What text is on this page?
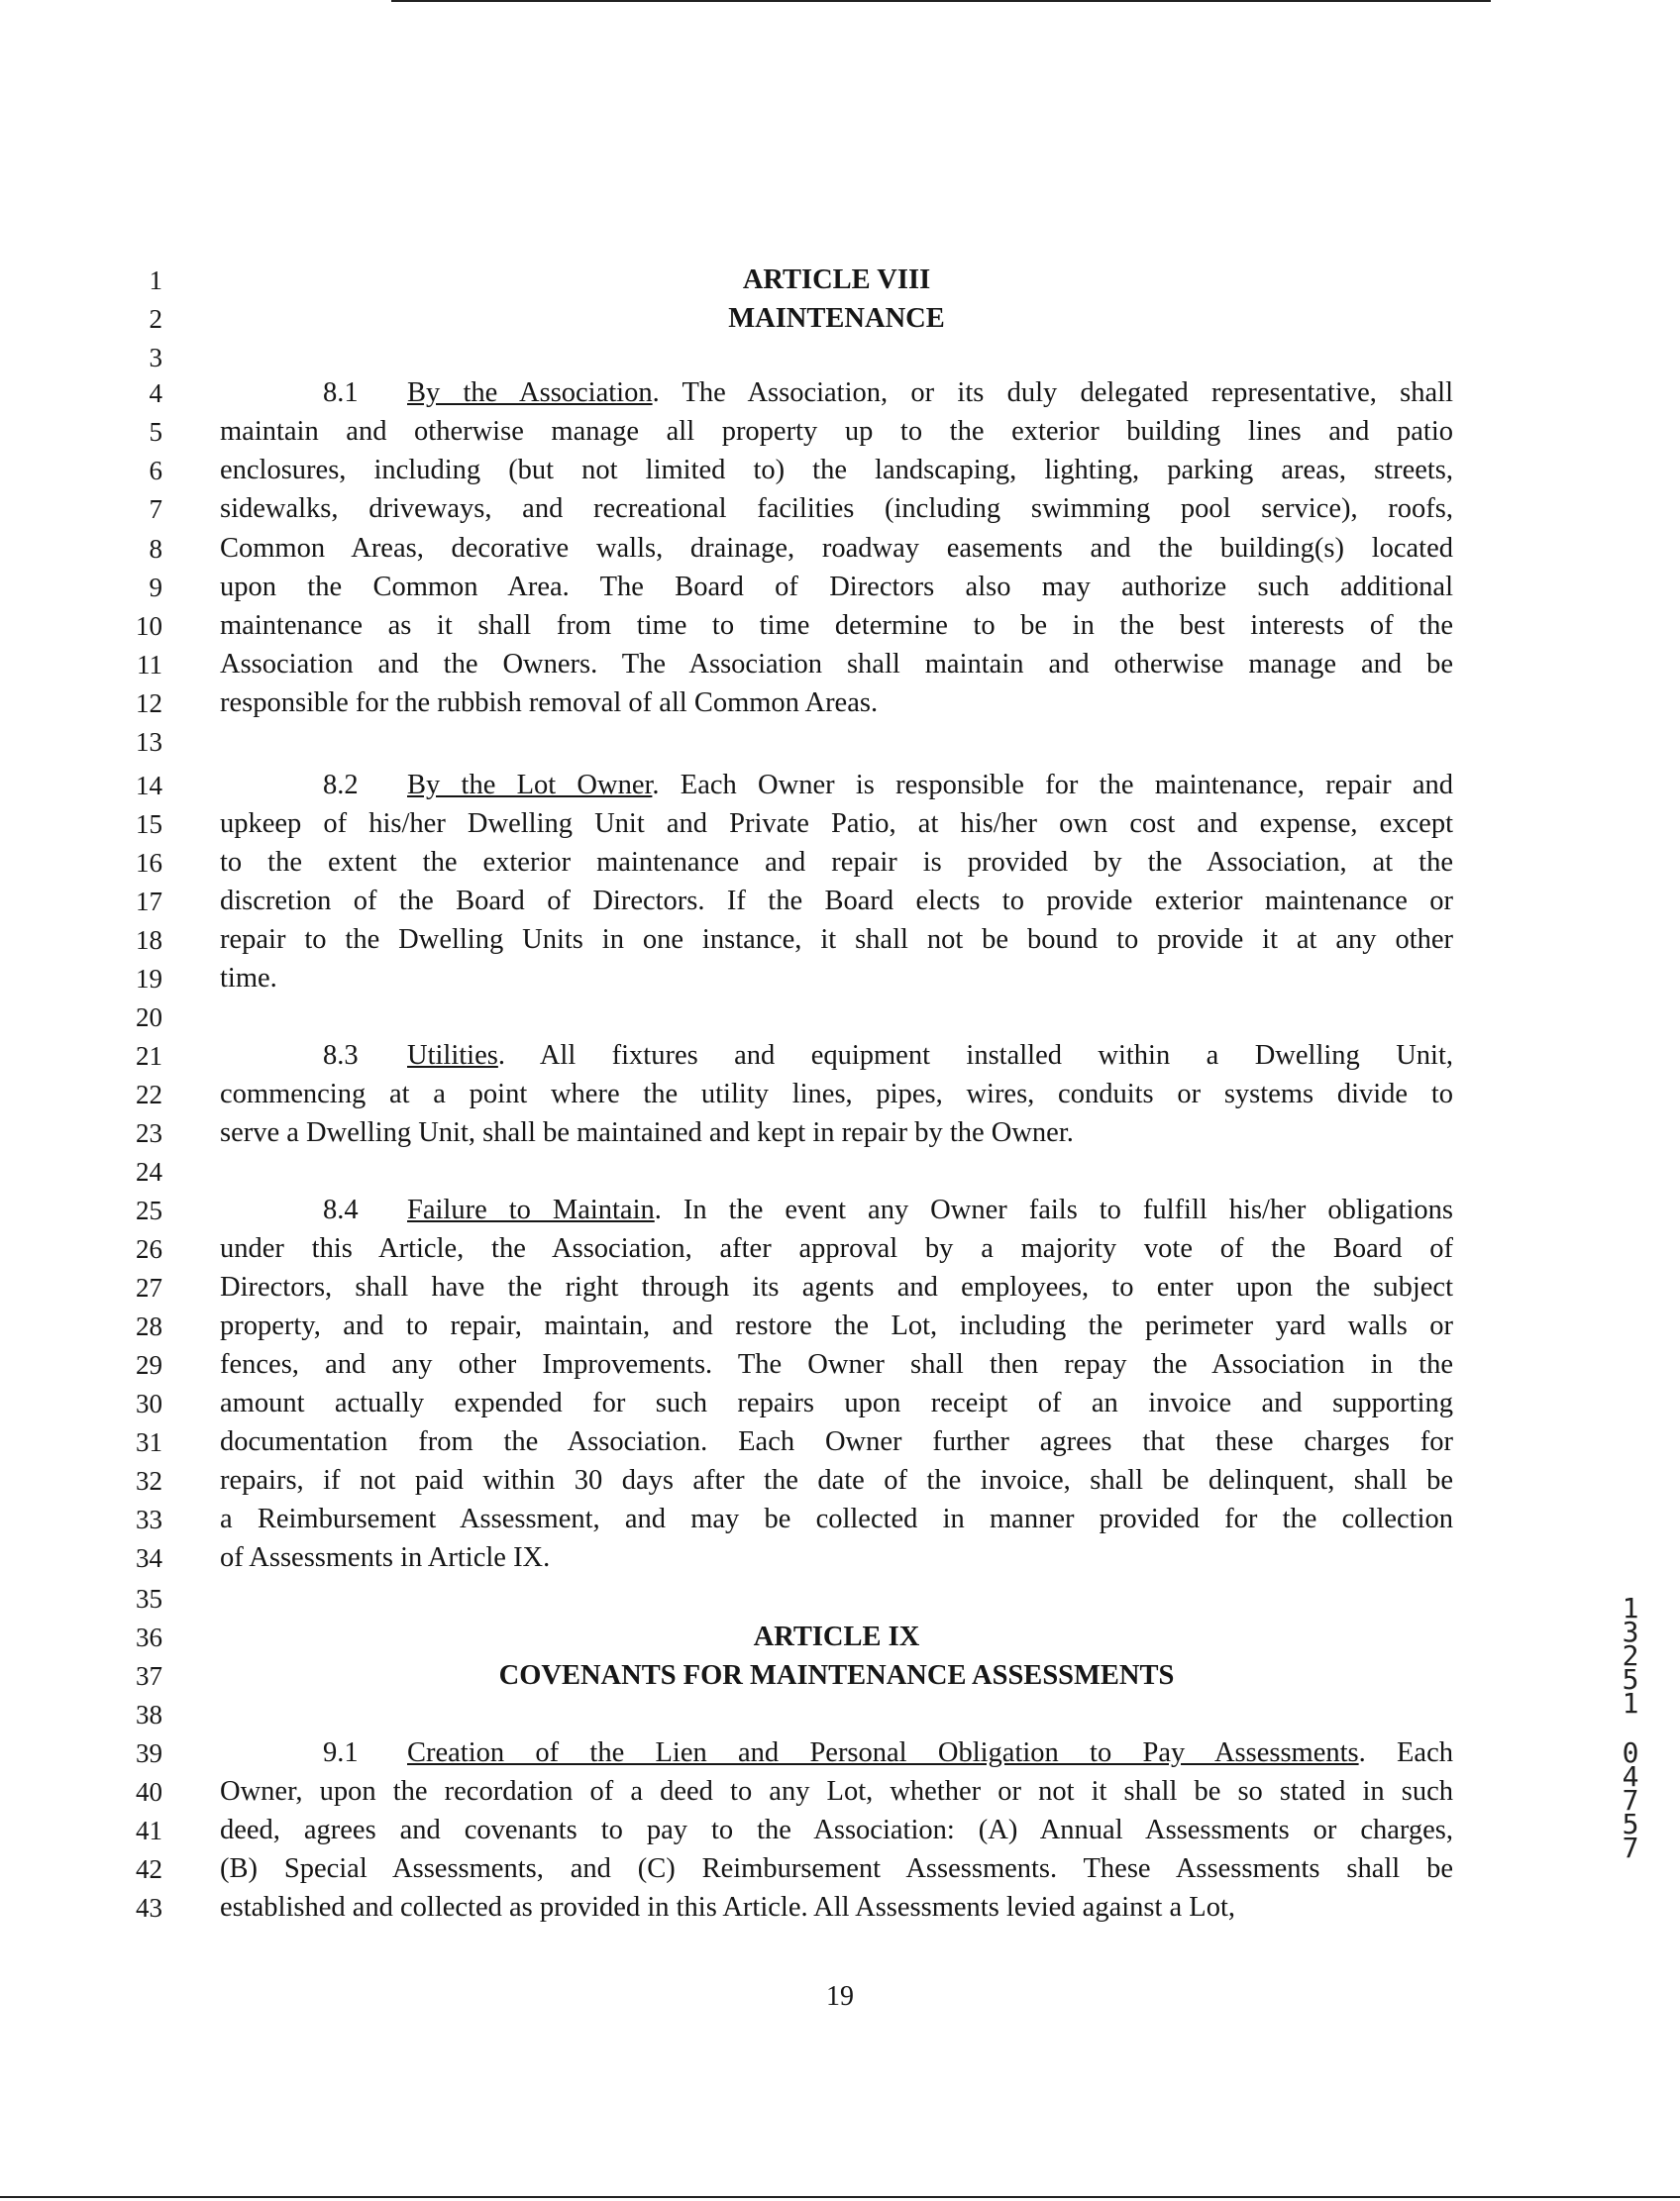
1
2
3
4
5
6
7
8
9
10
11
12
13
14
15
16
17
18
19
20
21
22
23
24
25
26
27
28
29
30
31
32
33
34
35
36
37
38
39
40
41
42
43
ARTICLE VIII
MAINTENANCE
8.1 By the Association. The Association, or its duly delegated representative, shall
maintain and otherwise manage all property up to the exterior building lines and patio
enclosures, including (but not limited to) the landscaping, lighting, parking areas, streets,
sidewalks, driveways, and recreational facilities (including swimming pool service), roofs,
Common Areas, decorative walls, drainage, roadway easements and the building(s) located
upon the Common Area. The Board of Directors also may authorize such additional
maintenance as it shall from time to time determine to be in the best interests of the
Association and the Owners. The Association shall maintain and otherwise manage and be
responsible for the rubbish removal of all Common Areas.
8.2 By the Lot Owner. Each Owner is responsible for the maintenance, repair and
upkeep of his/her Dwelling Unit and Private Patio, at his/her own cost and expense, except
to the extent the exterior maintenance and repair is provided by the Association, at the
discretion of the Board of Directors. If the Board elects to provide exterior maintenance or
repair to the Dwelling Units in one instance, it shall not be bound to provide it at any other
time.
8.3 Utilities. All fixtures and equipment installed within a Dwelling Unit,
commencing at a point where the utility lines, pipes, wires, conduits or systems divide to
serve a Dwelling Unit, shall be maintained and kept in repair by the Owner.
8.4 Failure to Maintain. In the event any Owner fails to fulfill his/her obligations
under this Article, the Association, after approval by a majority vote of the Board of
Directors, shall have the right through its agents and employees, to enter upon the subject
property, and to repair, maintain, and restore the Lot, including the perimeter yard walls or
fences, and any other Improvements. The Owner shall then repay the Association in the
amount actually expended for such repairs upon receipt of an invoice and supporting
documentation from the Association. Each Owner further agrees that these charges for
repairs, if not paid within 30 days after the date of the invoice, shall be delinquent, shall be
a Reimbursement Assessment, and may be collected in manner provided for the collection
of Assessments in Article IX.
ARTICLE IX
COVENANTS FOR MAINTENANCE ASSESSMENTS
9.1 Creation of the Lien and Personal Obligation to Pay Assessments. Each
Owner, upon the recordation of a deed to any Lot, whether or not it shall be so stated in such
deed, agrees and covenants to pay to the Association: (A) Annual Assessments or charges,
(B) Special Assessments, and (C) Reimbursement Assessments. These Assessments shall be
established and collected as provided in this Article. All Assessments levied against a Lot,
19
1
3
2
5
1
0
4
7
5
7
